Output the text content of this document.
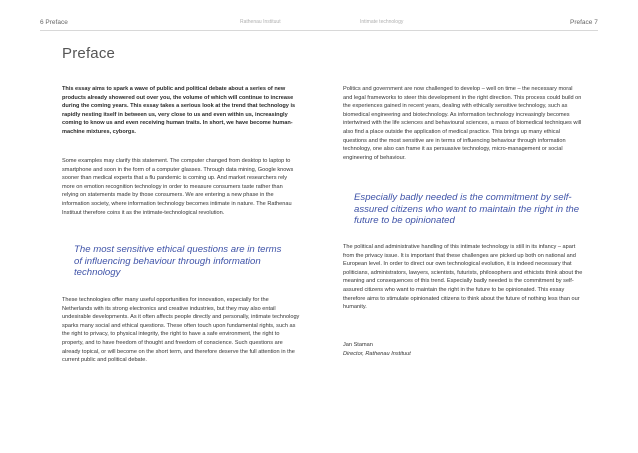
6 Preface	Rathenau Instituut	Intimate technology	Preface 7
Preface

This essay aims to spark a wave of public and political debate about a series of new products already showered out over you, the volume of which will continue to increase during the coming years. This essay takes a serious look at the trend that technology is rapidly nesting itself in between us, very close to us and even within us, increasingly coming to know us and even receiving human traits. In short, we have become human-machine mixtures, cyborgs.

Some examples may clarify this statement. The computer changed from desktop to laptop to smartphone and soon in the form of a computer glasses. Through data mining, Google knows sooner than medical experts that a flu pandemic is coming up. And market researchers rely more on emotion recognition technology in order to measure consumers taste rather than relying on statements made by those consumers. We are entering a new phase in the information society, where information technology becomes intimate in nature. The Rathenau Instituut therefore coins it as the intimate-technological revolution.

The most sensitive ethical questions are in terms of influencing behaviour through information technology

These technologies offer many useful opportunities for innovation, especially for the Netherlands with its strong electronics and creative industries, but they may also entail undesirable developments. As it often affects people directly and personally, intimate technology sparks many social and ethical questions. These often touch upon fundamental rights, such as the right to privacy, to physical integrity, the right to have a safe environment, the right to property, and to have freedom of thought and freedom of conscience. Such questions are already topical, or will become on the short term, and therefore deserve the full attention in the current public and political debate.

Politics and government are now challenged to develop – well on time – the necessary moral and legal frameworks to steer this development in the right direction. This process could build on the experiences gained in recent years, dealing with ethically sensitive technology, such as biomedical engineering and biotechnology. As information technology increasingly becomes intertwined with the life sciences and behavioural sciences, a mass of biomedical techniques will also find a place outside the application of medical practice. This brings up many ethical questions and the most sensitive are in terms of influencing behaviour through information technology, one also can frame it as persuasive technology, micro-management or social engineering of behaviour.

Especially badly needed is the commitment by self-assured citizens who want to maintain the right in the future to be opinionated

The political and administrative handling of this intimate technology is still in its infancy – apart from the privacy issue. It is important that these challenges are picked up both on national and European level. In order to direct our own technological evolution, it is indeed necessary that politicians, administrators, lawyers, scientists, futurists, philosophers and ethicists think about the meaning and consequences of this trend. Especially badly needed is the commitment by self-assured citizens who want to maintain the right in the future to be opinionated. This essay therefore aims to stimulate opinionated citizens to think about the future of nothing less than our humanity.

Jan Staman

Director, Rathenau Instituut
